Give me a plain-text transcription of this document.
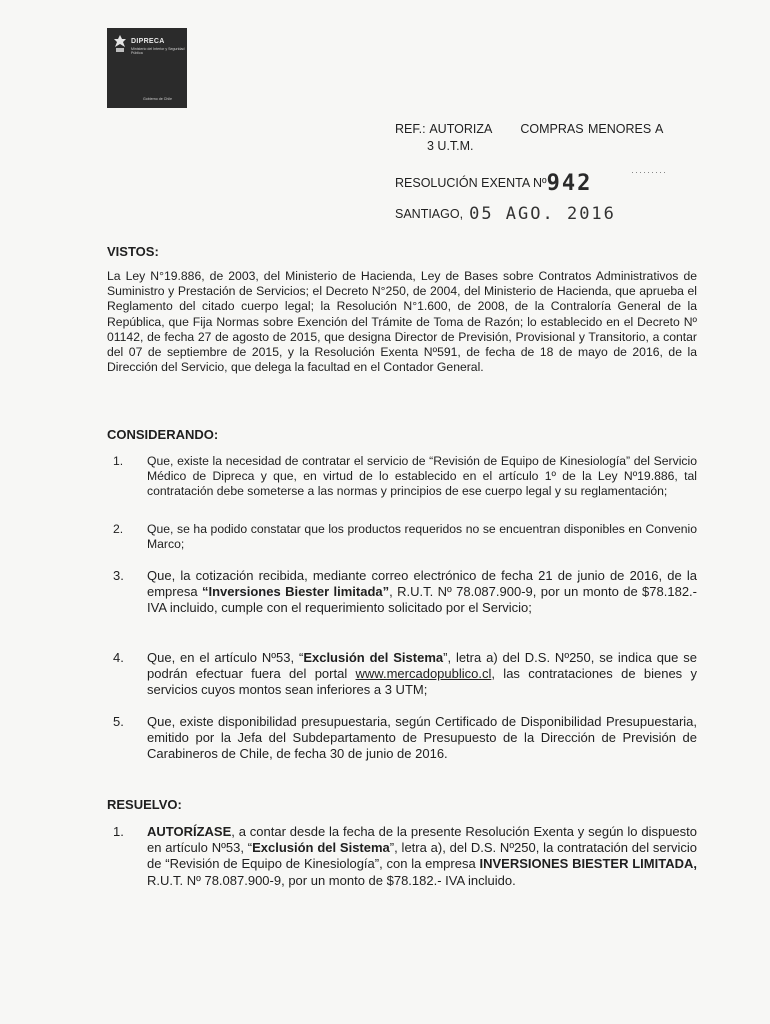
DIPRECA
Ministerio del Interior y Seguridad Pública
Gobierno de Chile
REF.: AUTORIZA COMPRAS MENORES A
3 U.T.M.
RESOLUCIÓN EXENTA Nº942	·········
SANTIAGO, 05 AGO. 2016
VISTOS:
La Ley N°19.886, de 2003, del Ministerio de Hacienda, Ley de Bases sobre Contratos Administrativos de Suministro y Prestación de Servicios; el Decreto N°250, de 2004, del Ministerio de Hacienda, que aprueba el Reglamento del citado cuerpo legal; la Resolución N°1.600, de 2008, de la Contraloría General de la República, que Fija Normas sobre Exención del Trámite de Toma de Razón; lo establecido en el Decreto Nº 01142, de fecha 27 de agosto de 2015, que designa Director de Previsión, Provisional y Transitorio, a contar del 07 de septiembre de 2015, y la Resolución Exenta Nº591, de fecha de 18 de mayo de 2016, de la Dirección del Servicio, que delega la facultad en el Contador General.
CONSIDERANDO:
1. Que, existe la necesidad de contratar el servicio de “Revisión de Equipo de Kinesiología” del Servicio Médico de Dipreca y que, en virtud de lo establecido en el artículo 1º de la Ley Nº19.886, tal contratación debe someterse a las normas y principios de ese cuerpo legal y su reglamentación;
2. Que, se ha podido constatar que los productos requeridos no se encuentran disponibles en Convenio Marco;
3. Que, la cotización recibida, mediante correo electrónico de fecha 21 de junio de 2016, de la empresa “Inversiones Biester limitada”, R.U.T. Nº 78.087.900-9, por un monto de $78.182.- IVA incluido, cumple con el requerimiento solicitado por el Servicio;
4. Que, en el artículo Nº53, “Exclusión del Sistema”, letra a) del D.S. Nº250, se indica que se podrán efectuar fuera del portal www.mercadopublico.cl, las contrataciones de bienes y servicios cuyos montos sean inferiores a 3 UTM;
5. Que, existe disponibilidad presupuestaria, según Certificado de Disponibilidad Presupuestaria, emitido por la Jefa del Subdepartamento de Presupuesto de la Dirección de Previsión de Carabineros de Chile, de fecha 30 de junio de 2016.
RESUELVO:
1. AUTORÍZASE, a contar desde la fecha de la presente Resolución Exenta y según lo dispuesto en artículo Nº53, “Exclusión del Sistema”, letra a), del D.S. Nº250, la contratación del servicio de “Revisión de Equipo de Kinesiología”, con la empresa INVERSIONES BIESTER LIMITADA, R.U.T. Nº 78.087.900-9, por un monto de $78.182.- IVA incluido.
